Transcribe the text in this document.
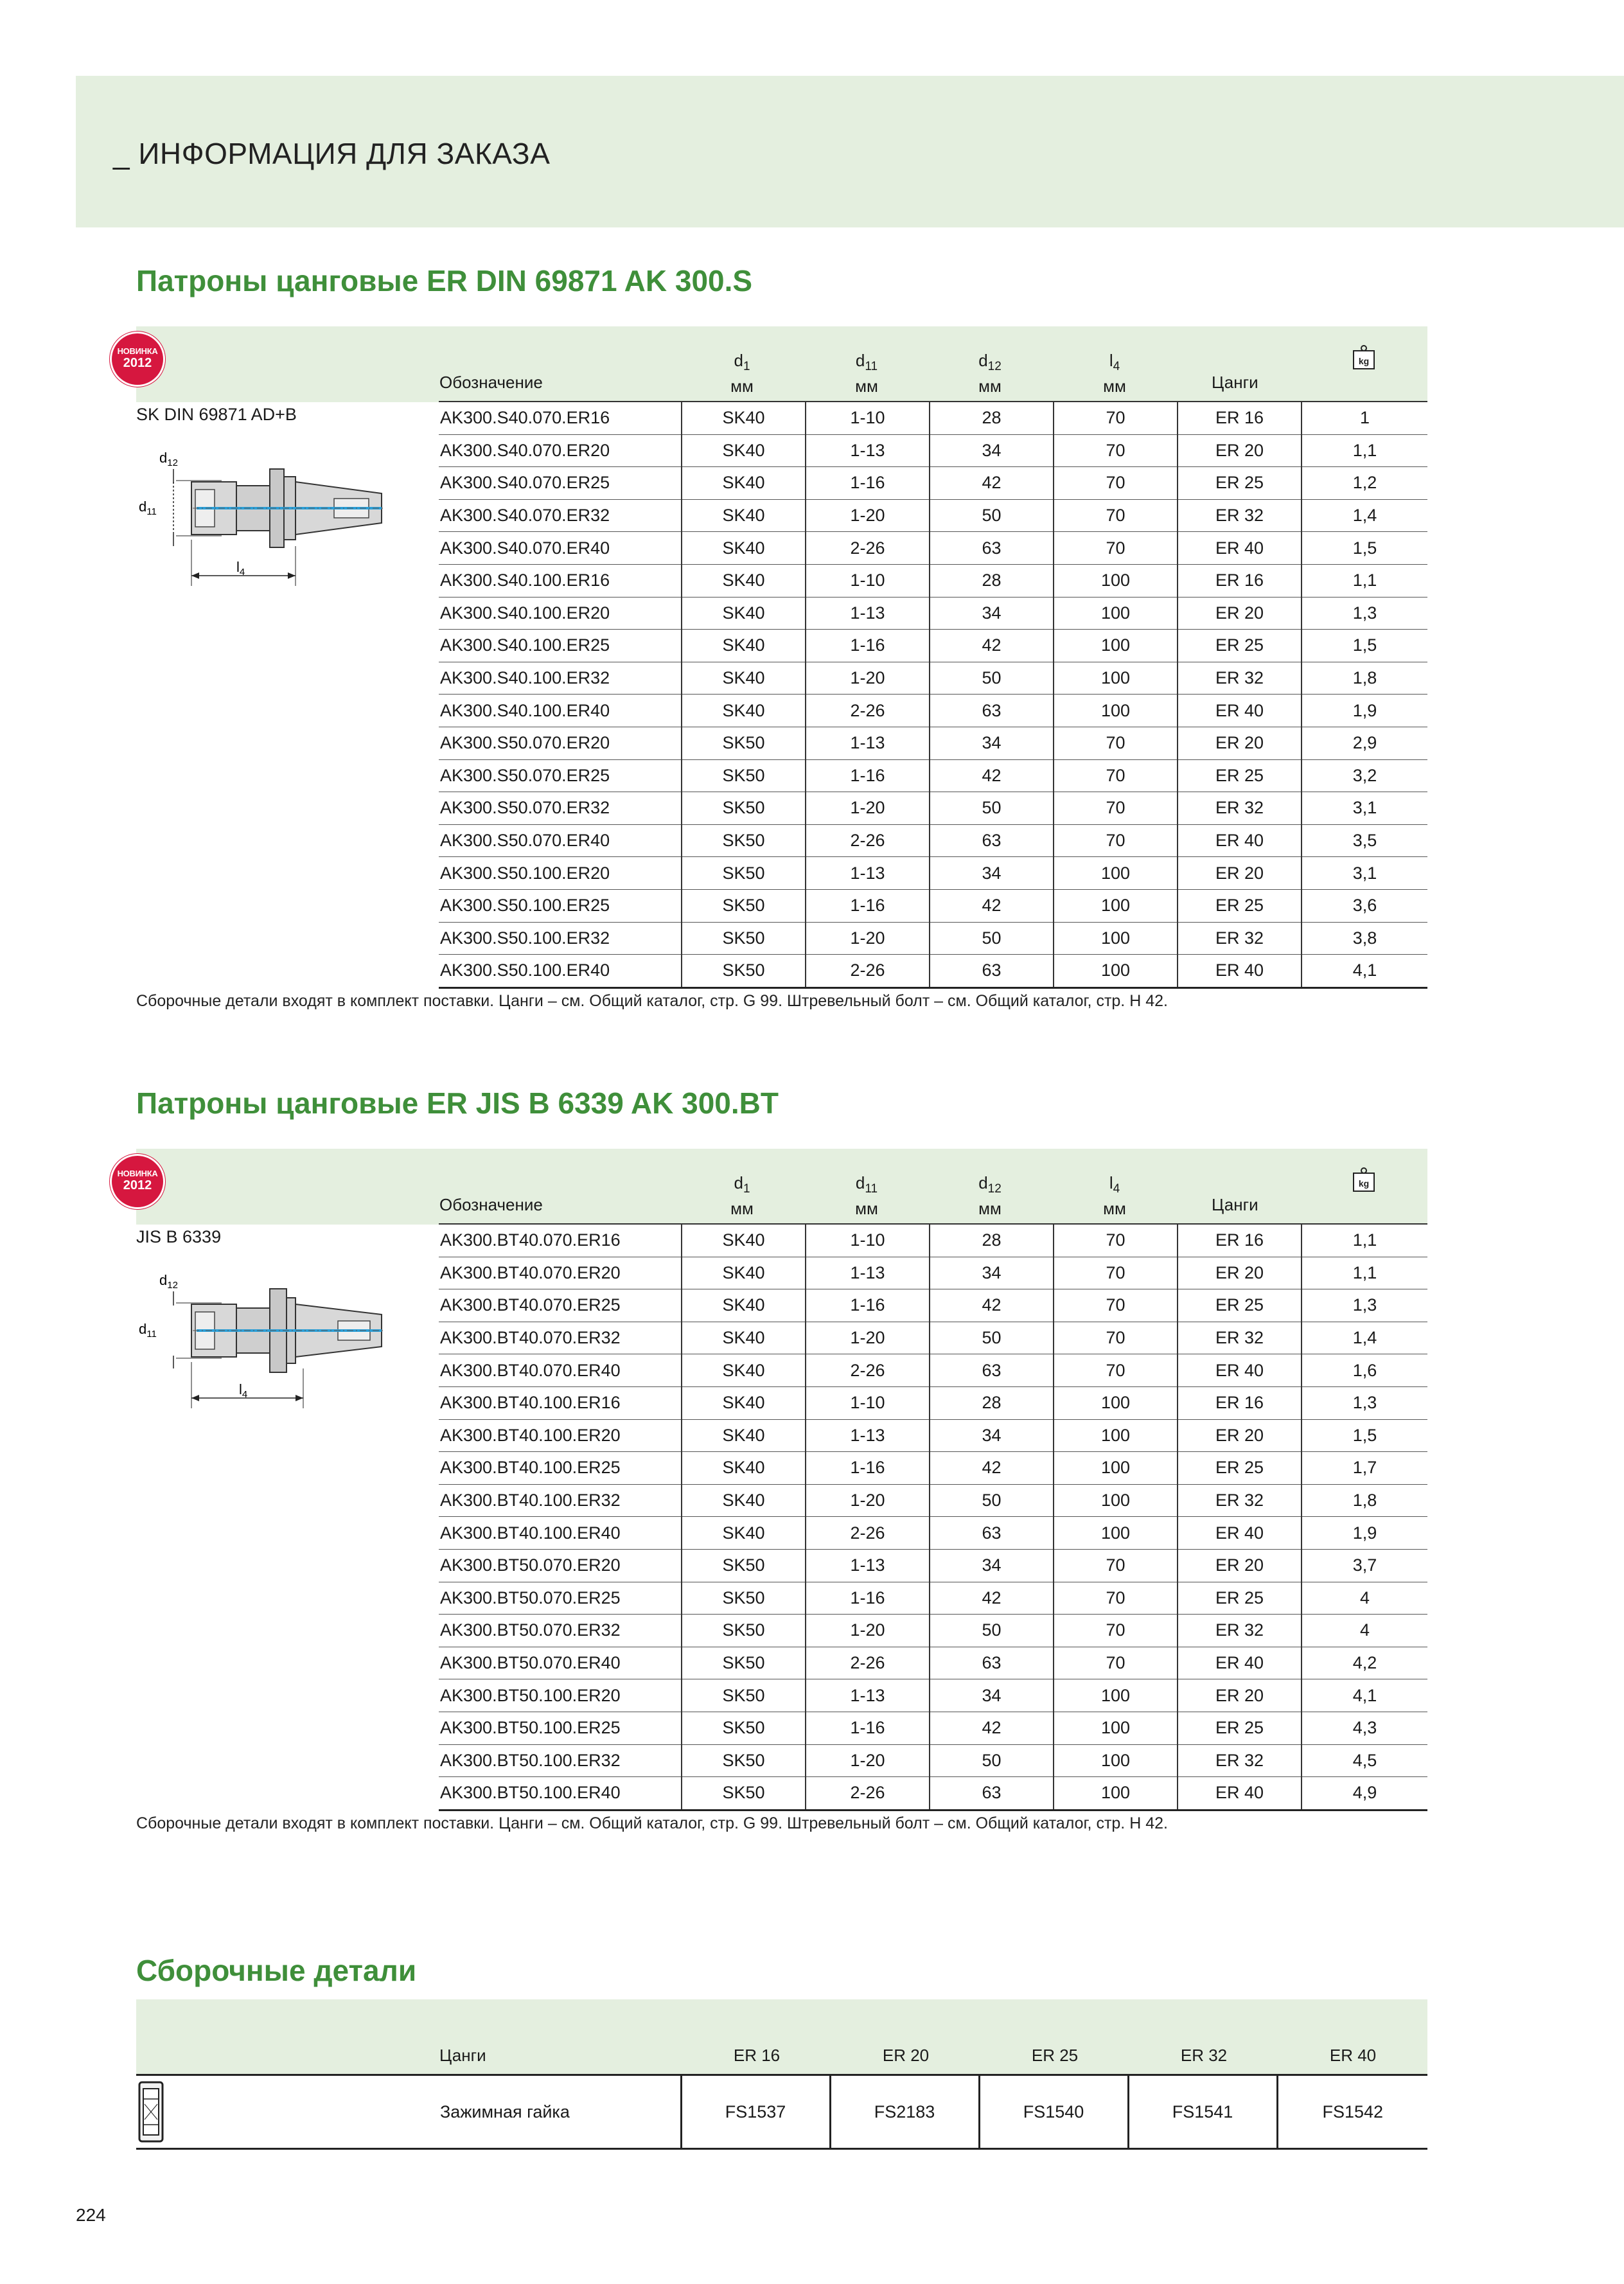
_ ИНФОРМАЦИЯ ДЛЯ ЗАКАЗА
Патроны цанговые ER DIN 69871 AK 300.S
НОВИНКА
2012
Обозначение
$d_1$
мм
$d_{11}$
мм
$d_{12}$
мм
$l_4$
мм	Цанги
kg
SK DIN 69871 AD+B
$d_{12}$
$d_{11}$
$l_4$
AK300.S40.070.ER16	SK40	1-10	28	70	ER 16	1
AK300.S40.070.ER20	SK40	1-13	34	70	ER 20	1,1
AK300.S40.070.ER25	SK40	1-16	42	70	ER 25	1,2
AK300.S40.070.ER32	SK40	1-20	50	70	ER 32	1,4
AK300.S40.070.ER40	SK40	2-26	63	70	ER 40	1,5
AK300.S40.100.ER16	SK40	1-10	28	100	ER 16	1,1
AK300.S40.100.ER20	SK40	1-13	34	100	ER 20	1,3
AK300.S40.100.ER25	SK40	1-16	42	100	ER 25	1,5
AK300.S40.100.ER32	SK40	1-20	50	100	ER 32	1,8
AK300.S40.100.ER40	SK40	2-26	63	100	ER 40	1,9
AK300.S50.070.ER20	SK50	1-13	34	70	ER 20	2,9
AK300.S50.070.ER25	SK50	1-16	42	70	ER 25	3,2
AK300.S50.070.ER32	SK50	1-20	50	70	ER 32	3,1
AK300.S50.070.ER40	SK50	2-26	63	70	ER 40	3,5
AK300.S50.100.ER20	SK50	1-13	34	100	ER 20	3,1
AK300.S50.100.ER25	SK50	1-16	42	100	ER 25	3,6
AK300.S50.100.ER32	SK50	1-20	50	100	ER 32	3,8
AK300.S50.100.ER40	SK50	2-26	63	100	ER 40	4,1
Сборочные детали входят в комплект поставки. Цанги – см. Общий каталог, стр. G 99. Штревельный болт – см. Общий каталог, стр. H 42.
Патроны цанговые ER JIS B 6339 AK 300.BT
НОВИНКА
2012
Обозначение
$d_1$
мм
$d_{11}$
мм
$d_{12}$
мм
$l_4$
мм	Цанги
kg
JIS B 6339
$d_{12}$
$d_{11}$
$l_4$
AK300.BT40.070.ER16	SK40	1-10	28	70	ER 16	1,1
AK300.BT40.070.ER20	SK40	1-13	34	70	ER 20	1,1
AK300.BT40.070.ER25	SK40	1-16	42	70	ER 25	1,3
AK300.BT40.070.ER32	SK40	1-20	50	70	ER 32	1,4
AK300.BT40.070.ER40	SK40	2-26	63	70	ER 40	1,6
AK300.BT40.100.ER16	SK40	1-10	28	100	ER 16	1,3
AK300.BT40.100.ER20	SK40	1-13	34	100	ER 20	1,5
AK300.BT40.100.ER25	SK40	1-16	42	100	ER 25	1,7
AK300.BT40.100.ER32	SK40	1-20	50	100	ER 32	1,8
AK300.BT40.100.ER40	SK40	2-26	63	100	ER 40	1,9
AK300.BT50.070.ER20	SK50	1-13	34	70	ER 20	3,7
AK300.BT50.070.ER25	SK50	1-16	42	70	ER 25	4
AK300.BT50.070.ER32	SK50	1-20	50	70	ER 32	4
AK300.BT50.070.ER40	SK50	2-26	63	70	ER 40	4,2
AK300.BT50.100.ER20	SK50	1-13	34	100	ER 20	4,1
AK300.BT50.100.ER25	SK50	1-16	42	100	ER 25	4,3
AK300.BT50.100.ER32	SK50	1-20	50	100	ER 32	4,5
AK300.BT50.100.ER40	SK50	2-26	63	100	ER 40	4,9
Сборочные детали входят в комплект поставки. Цанги – см. Общий каталог, стр. G 99. Штревельный болт – см. Общий каталог, стр. H 42.
Сборочные детали
Цанги	ER 16	ER 20	ER 25	ER 32	ER 40
	Зажимная гайка	FS1537	FS2183	FS1540	FS1541	FS1542
224
